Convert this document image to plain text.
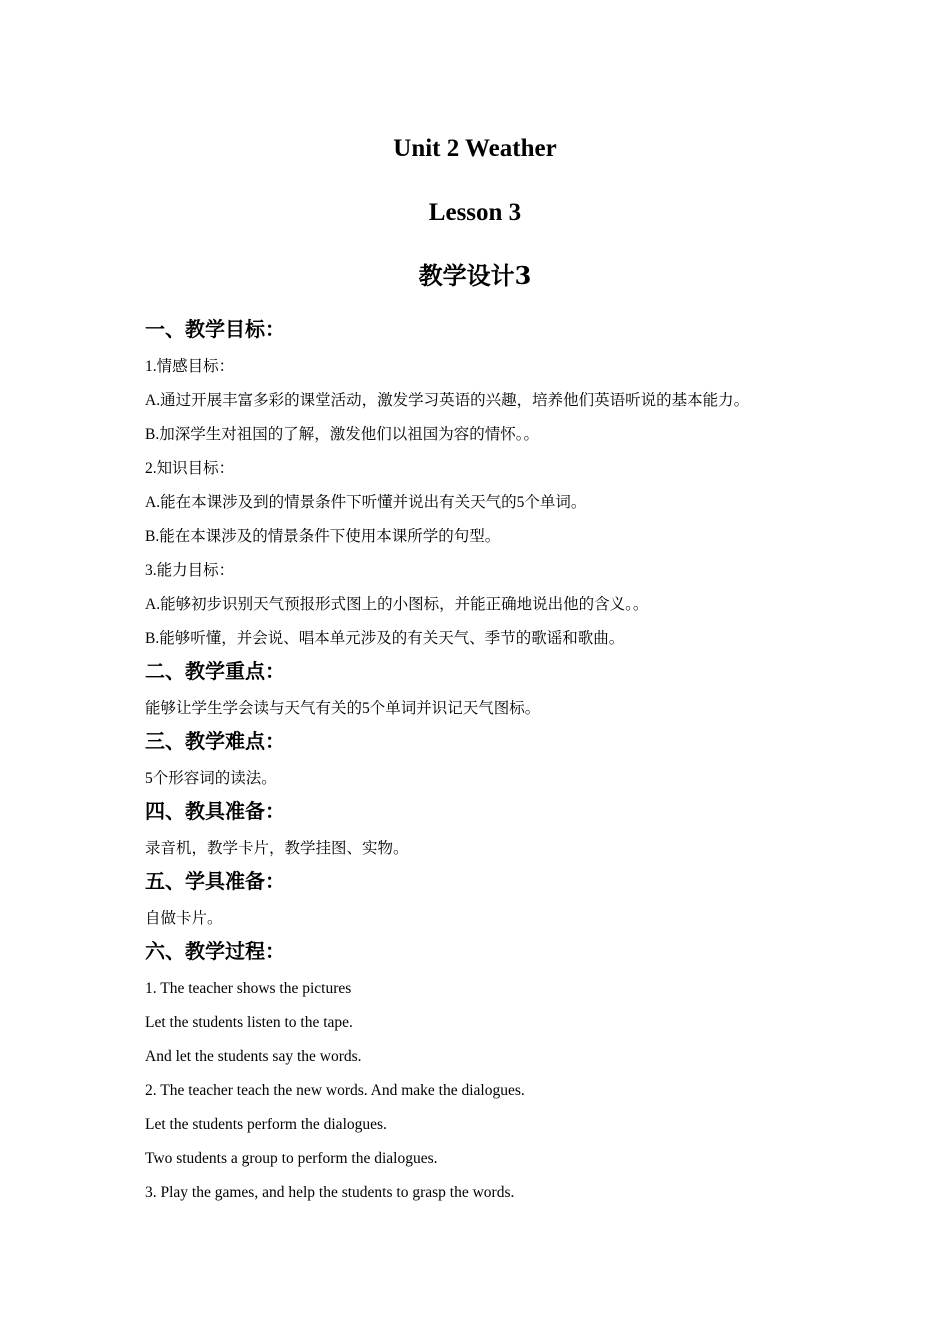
Unit 2 Weather
Lesson 3
教学设计3
一、教学目标：
1.情感目标：
A.通过开展丰富多彩的课堂活动，激发学习英语的兴趣，培养他们英语听说的基本能力。
B.加深学生对祖国的了解，激发他们以祖国为容的情怀。。
2.知识目标：
A.能在本课涉及到的情景条件下听懂并说出有关天气的5个单词。
B.能在本课涉及的情景条件下使用本课所学的句型。
3.能力目标：
A.能够初步识别天气预报形式图上的小图标，并能正确地说出他的含义。。
B.能够听懂，并会说、唱本单元涉及的有关天气、季节的歌谣和歌曲。
二、教学重点：
能够让学生学会读与天气有关的5个单词并识记天气图标。
三、教学难点：
5个形容词的读法。
四、教具准备：
录音机，教学卡片，教学挂图、实物。
五、学具准备：
自做卡片。
六、教学过程：
1. The teacher shows the pictures
Let the students listen to the tape.
And let the students say the words.
2. The teacher teach the new words. And make the dialogues.
Let the students perform the dialogues.
Two students a group to perform the dialogues.
3. Play the games, and help the students to grasp the words.
